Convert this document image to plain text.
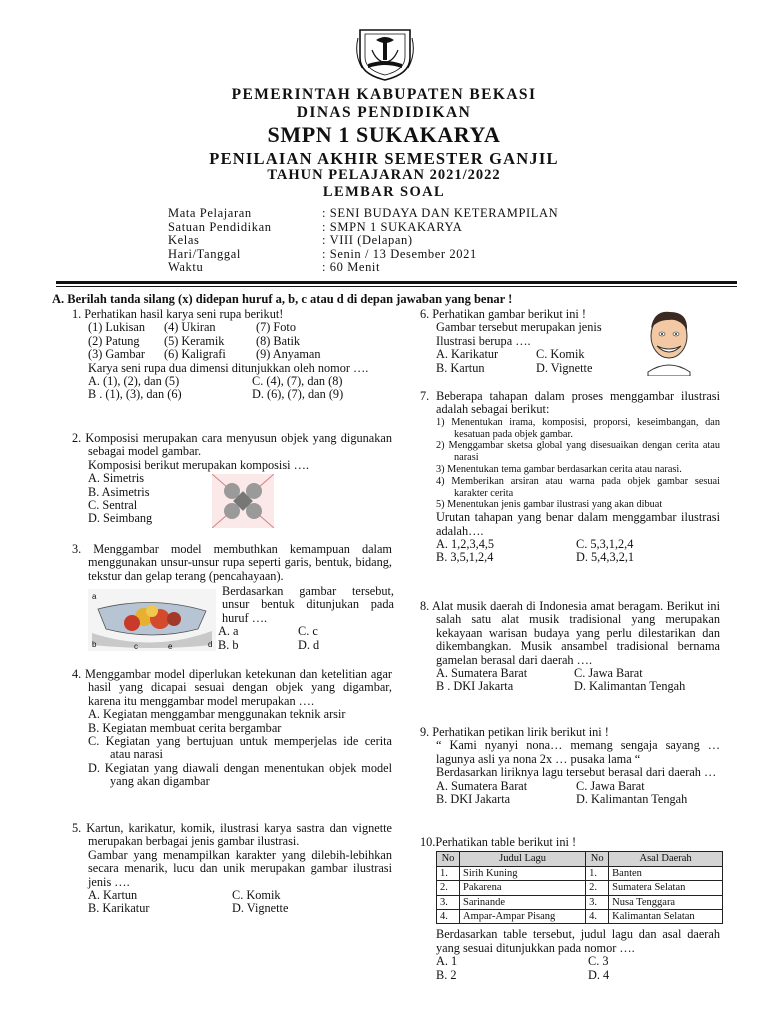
PEMERINTAH KABUPATEN BEKASI
DINAS PENDIDIKAN
SMPN 1 SUKAKARYA
PENILAIAN AKHIR SEMESTER GANJIL
TAHUN PELAJARAN 2021/2022
LEMBAR SOAL
Mata Pelajaran	: SENI BUDAYA DAN KETERAMPILAN
Satuan Pendidikan	: SMPN 1 SUKAKARYA
Kelas	: VIII (Delapan)
Hari/Tanggal	: Senin / 13 Desember 2021
Waktu	: 60 Menit
A. Berilah tanda silang (x) didepan huruf a, b, c atau d di depan jawaban yang benar !

1. Perhatikan hasil karya seni rupa berikut!

(1) Lukisan	(4) Ukiran	(7) Foto
(2) Patung	(5) Keramik	(8) Batik
(3) Gambar	(6) Kaligrafi	(9) Anyaman

Karya seni rupa dua dimensi ditunjukkan oleh nomor ….

A. (1), (2), dan (5)	C. (4), (7), dan (8)
B . (1), (3), dan (6)	D. (6), (7), dan (9)

2. Komposisi merupakan cara menyusun objek yang digunakan sebagai model gambar.

Komposisi berikut merupakan komposisi ….

A. Simetris
B. Asimetris
C. Sentral
D. Seimbang

3. Menggambar model membuthkan kemampuan dalam menggunakan unsur-unsur rupa seperti garis, bentuk, bidang, tekstur dan gelap terang (pencahayaan).

a
b	c	d
e

Berdasarkan gambar tersebut, unsur bentuk ditunjukan pada huruf ….

A. a	C. c
B. b	D. d

4. Menggambar model diperlukan ketekunan dan ketelitian agar hasil yang dicapai sesuai dengan objek yang digambar, karena itu menggambar model merupakan ….

A. Kegiatan menggambar menggunakan teknik arsir
B. Kegiatan membuat cerita bergambar
C. Kegiatan yang bertujuan untuk memperjelas ide cerita atau narasi
D. Kegiatan yang diawali dengan menentukan objek model yang akan digambar

5. Kartun, karikatur, komik, ilustrasi karya sastra dan vignette merupakan berbagai jenis gambar ilustrasi.

Gambar yang menampilkan karakter yang dilebih-lebihkan secara menarik, lucu dan unik merupakan gambar ilustrasi jenis ….

A. Kartun	C. Komik
B. Karikatur	D. Vignette

6. Perhatikan gambar berikut ini !

Gambar tersebut merupakan jenis Ilustrasi berupa ….

A. Karikatur	C. Komik
B. Kartun	D. Vignette

7. Beberapa tahapan dalam proses menggambar ilustrasi adalah sebagai berikut:

1) Menentukan irama, komposisi, proporsi, keseimbangan, dan kesatuan pada objek gambar.
2) Menggambar sketsa global yang disesuaikan dengan cerita atau narasi
3) Menentukan tema gambar berdasarkan cerita atau narasi.
4) Memberikan arsiran atau warna pada objek gambar sesuai karakter cerita
5) Menentukan jenis gambar ilustrasi yang akan dibuat

Urutan tahapan yang benar dalam menggambar ilustrasi adalah….

A. 1,2,3,4,5	C. 5,3,1,2,4
B. 3,5,1,2,4	D. 5,4,3,2,1

8. Alat musik daerah di Indonesia amat beragam. Berikut ini salah satu alat musik tradisional yang merupakan kekayaan warisan budaya yang perlu dilestarikan dan dikembangkan. Musik ansambel tradisional bernama gamelan berasal dari daerah ….

A. Sumatera Barat	C. Jawa Barat
B . DKI Jakarta	D. Kalimantan Tengah

9. Perhatikan petikan lirik berikut ini !

“ Kami nyanyi nona… memang sengaja sayang … lagunya asli ya nona 2x … pusaka lama “

Berdasarkan liriknya lagu tersebut berasal dari daerah …

A. Sumatera Barat	C. Jawa Barat
B. DKI Jakarta	D. Kalimantan Tengah

10.Perhatikan table berikut ini !

No	Judul Lagu	No	Asal Daerah
1.	Sirih Kuning	1.	Banten
2.	Pakarena	2.	Sumatera Selatan
3.	Sarinande	3.	Nusa Tenggara
4.	Ampar-Ampar Pisang	4.	Kalimantan Selatan

Berdasarkan table tersebut, judul lagu dan asal daerah yang sesuai ditunjukkan pada nomor ….

A. 1	C. 3
B. 2	D. 4
